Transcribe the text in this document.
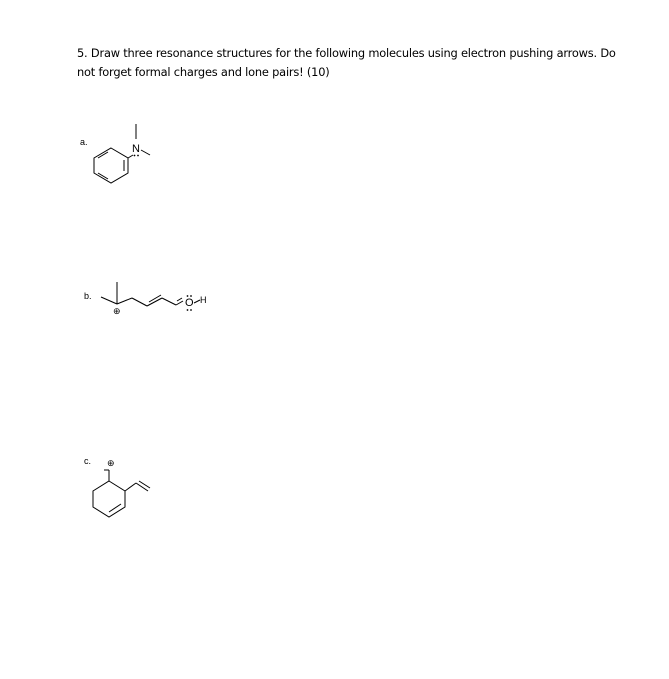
5. Draw three resonance structures for the following molecules using electron pushing arrows. Do not forget formal charges and lone pairs! (10)
a.
N
b.
⊕
O H
c. ⊕
